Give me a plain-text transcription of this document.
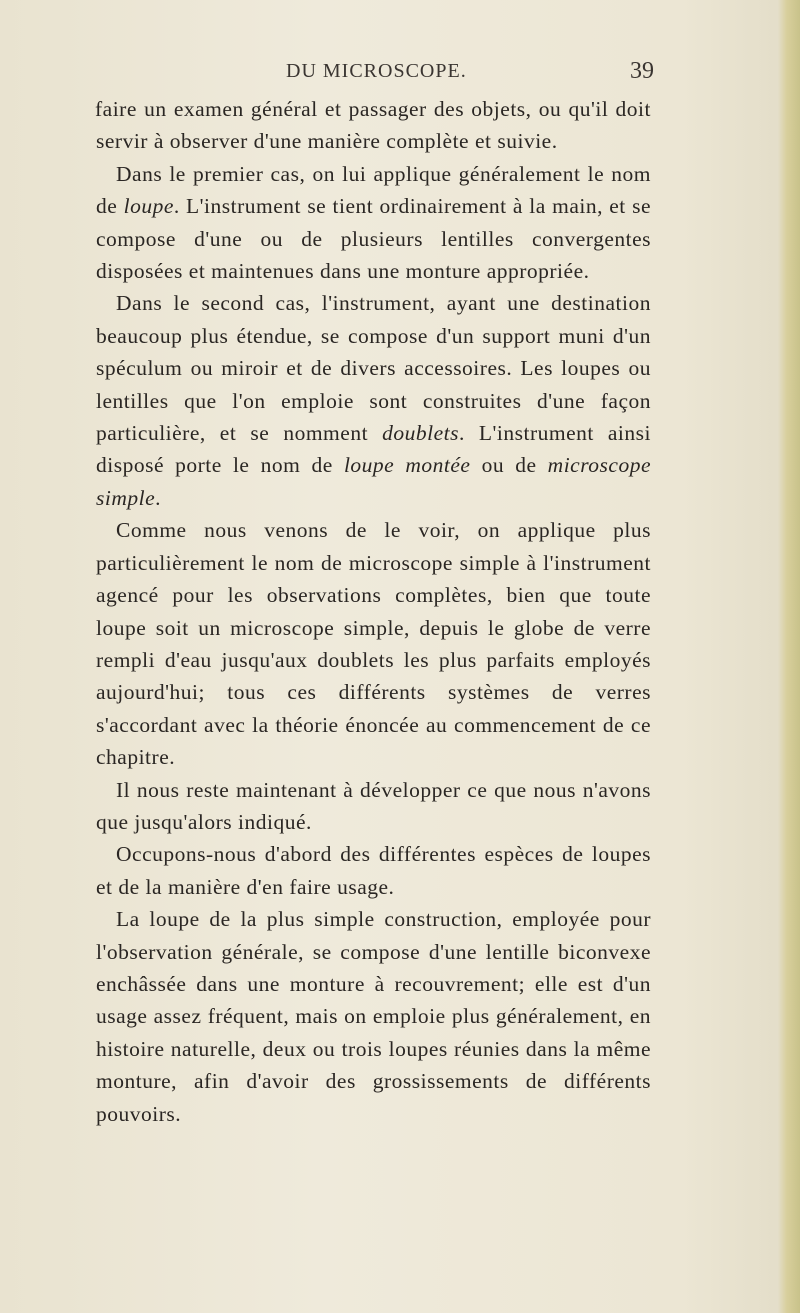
DU MICROSCOPE.	39

faire un examen général et passager des objets, ou qu'il doit servir à observer d'une manière complète et suivie.

Dans le premier cas, on lui applique généralement le nom de loupe. L'instrument se tient ordinairement à la main, et se compose d'une ou de plusieurs lentilles convergentes disposées et maintenues dans une monture appropriée.

Dans le second cas, l'instrument, ayant une destination beaucoup plus étendue, se compose d'un support muni d'un spéculum ou miroir et de divers accessoires. Les loupes ou lentilles que l'on emploie sont construites d'une façon particulière, et se nomment doublets. L'instrument ainsi disposé porte le nom de loupe montée ou de microscope simple.

Comme nous venons de le voir, on applique plus particulièrement le nom de microscope simple à l'instrument agencé pour les observations complètes, bien que toute loupe soit un microscope simple, depuis le globe de verre rempli d'eau jusqu'aux doublets les plus parfaits employés aujourd'hui; tous ces différents systèmes de verres s'accordant avec la théorie énoncée au commencement de ce chapitre.

Il nous reste maintenant à développer ce que nous n'avons que jusqu'alors indiqué.

Occupons-nous d'abord des différentes espèces de loupes et de la manière d'en faire usage.

La loupe de la plus simple construction, employée pour l'observation générale, se compose d'une lentille biconvexe enchâssée dans une monture à recouvrement; elle est d'un usage assez fréquent, mais on emploie plus généralement, en histoire naturelle, deux ou trois loupes réunies dans la même monture, afin d'avoir des grossissements de différents pouvoirs.
